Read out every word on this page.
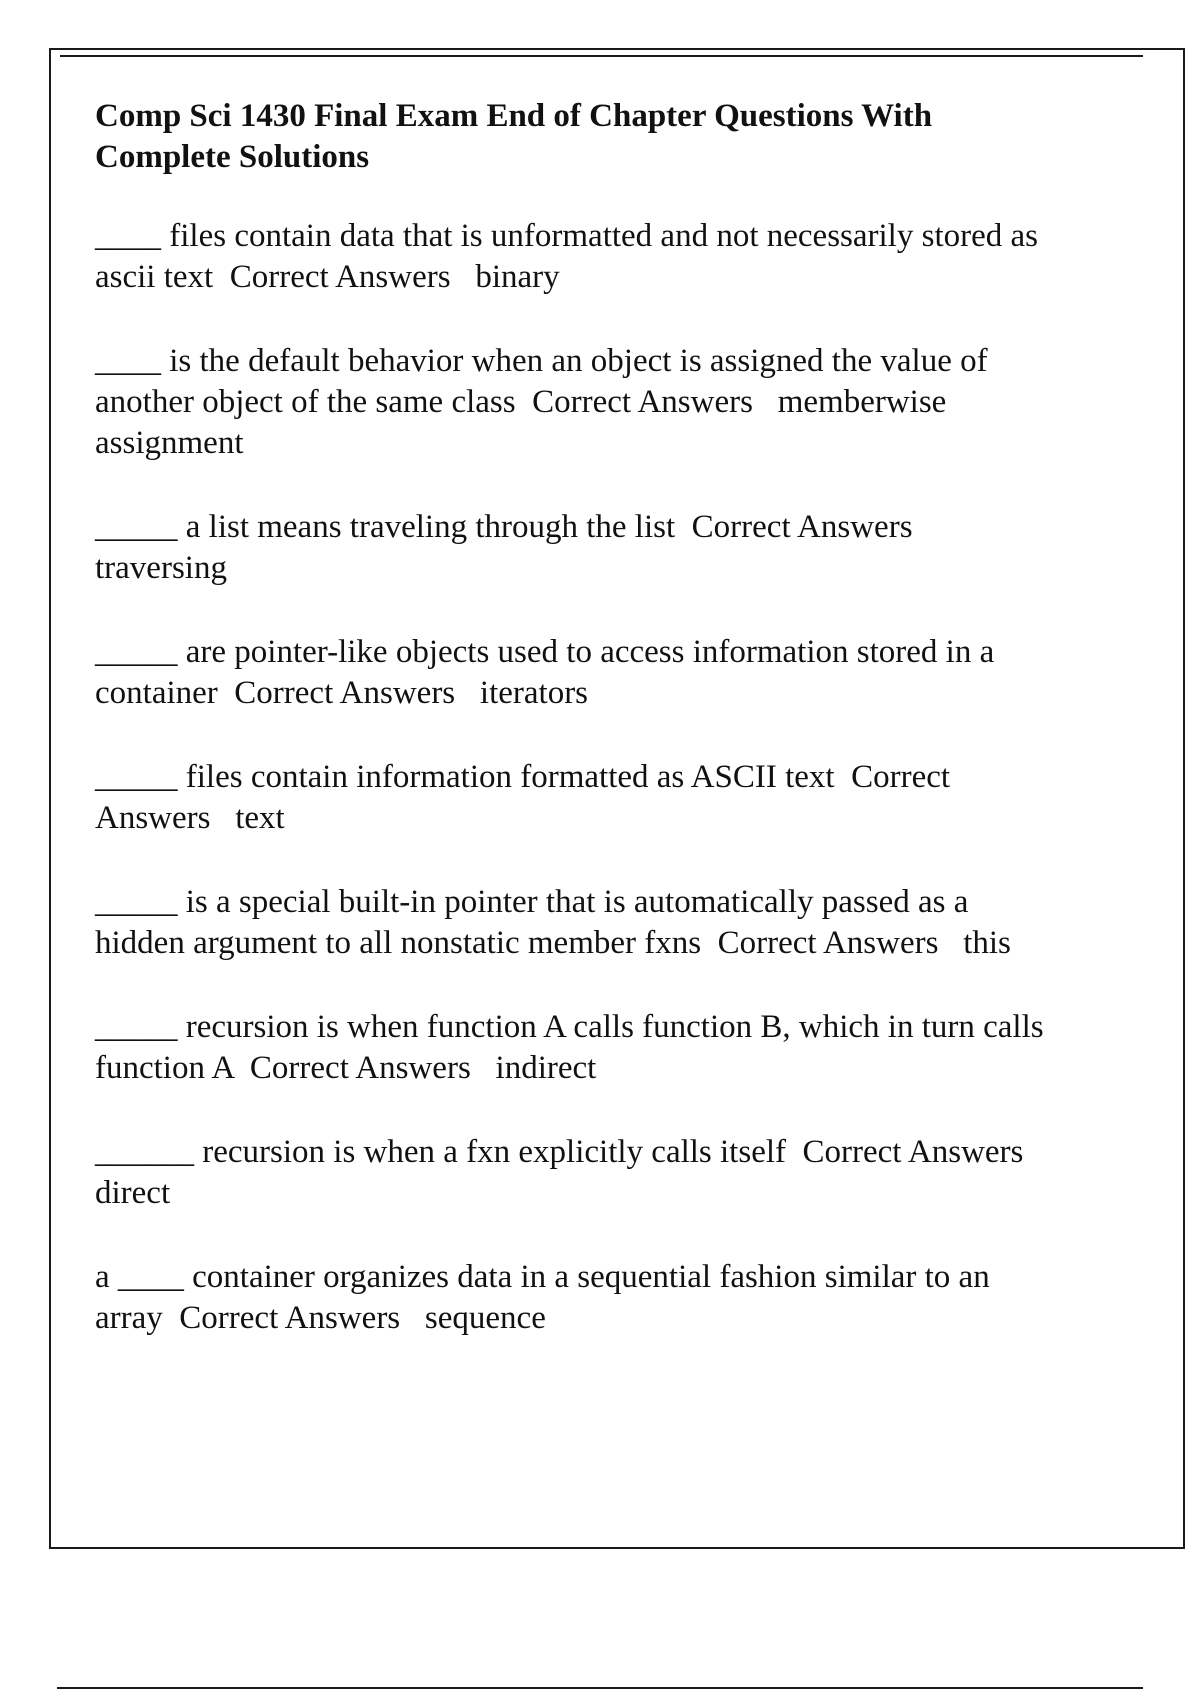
Comp Sci 1430 Final Exam End of Chapter Questions With Complete Solutions
____ files contain data that is unformatted and not necessarily stored as ascii text Correct Answers binary
____ is the default behavior when an object is assigned the value of another object of the same class Correct Answers memberwise assignment
_____ a list means traveling through the list Correct Answers   traversing
_____ are pointer-like objects used to access information stored in a container Correct Answers iterators
_____ files contain information formatted as ASCII text Correct Answers text
_____ is a special built-in pointer that is automatically passed as a hidden argument to all nonstatic member fxns Correct Answers this
_____ recursion is when function A calls function B, which in turn calls function A Correct Answers indirect
______ recursion is when a fxn explicitly calls itself Correct Answers   direct
a ____ container organizes data in a sequential fashion similar to an array Correct Answers sequence
